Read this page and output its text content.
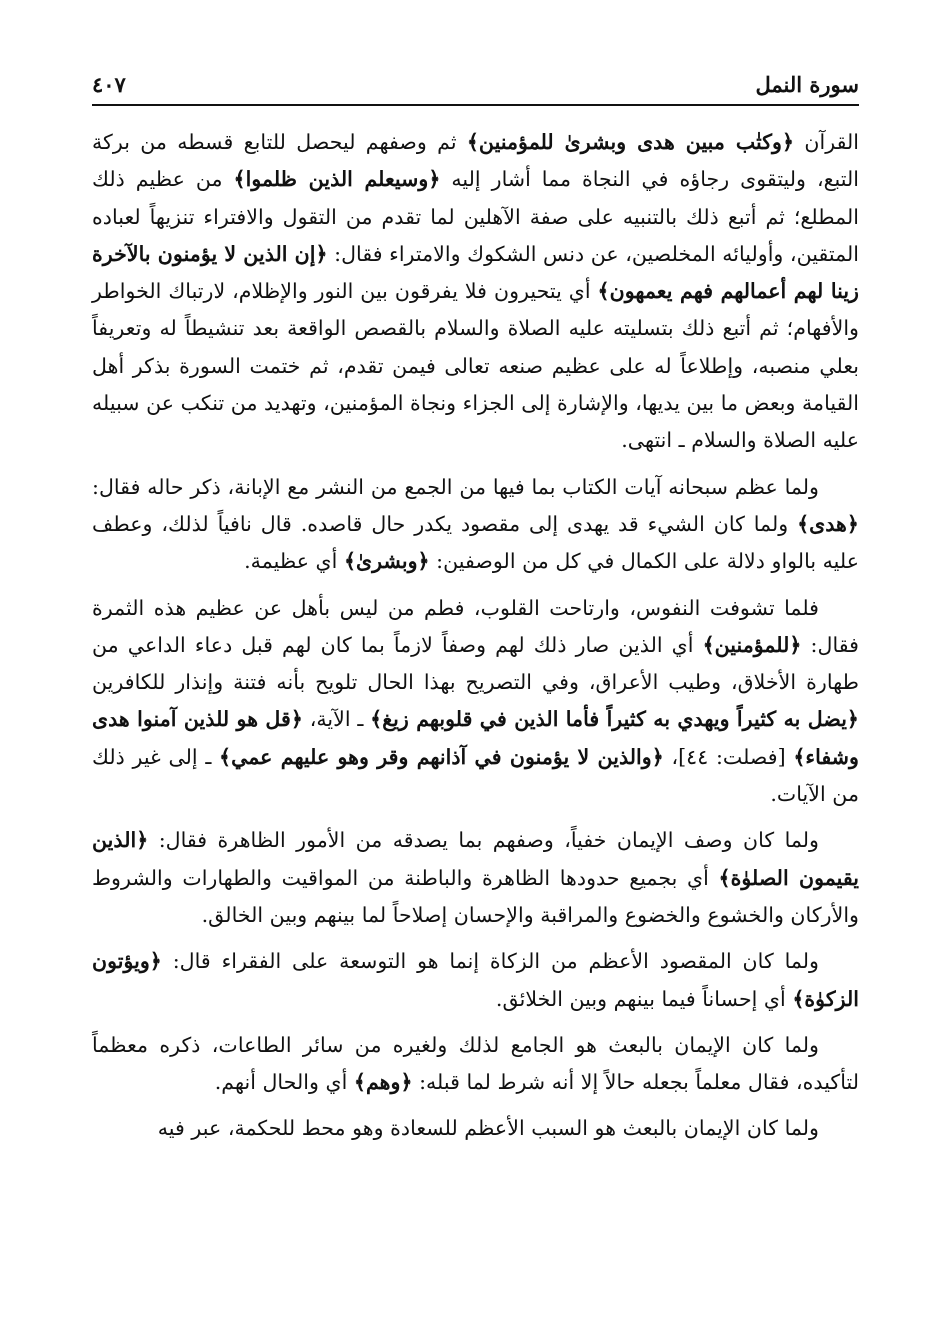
سورة النمل
٤٠٧

القرآن ﴿وكتٰب مبين هدى وبشرىٰ للمؤمنين﴾ ثم وصفهم ليحصل للتابع قسطه من بركة التبع، وليتقوى رجاؤه في النجاة مما أشار إليه ﴿وسيعلم الذين ظلموا﴾ من عظيم ذلك المطلع؛ ثم أتبع ذلك بالتنبيه على صفة الآهلين لما تقدم من التقول والافتراء تنزيهاً لعباده المتقين، وأوليائه المخلصين، عن دنس الشكوك والامتراء فقال: ﴿إن الذين لا يؤمنون بالآخرة زينا لهم أعمالهم فهم يعمهون﴾ أي يتحيرون فلا يفرقون بين النور والإظلام، لارتباك الخواطر والأفهام؛ ثم أتبع ذلك بتسليته عليه الصلاة والسلام بالقصص الواقعة بعد تنشيطاً له وتعريفاً بعلي منصبه، وإطلاعاً له على عظيم صنعه تعالى فيمن تقدم، ثم ختمت السورة بذكر أهل القيامة وبعض ما بين يديها، والإشارة إلى الجزاء ونجاة المؤمنين، وتهديد من تنكب عن سبيله عليه الصلاة والسلام ـ انتهى.

ولما عظم سبحانه آيات الكتاب بما فيها من الجمع من النشر مع الإبانة، ذكر حاله فقال: ﴿هدى﴾ ولما كان الشيء قد يهدى إلى مقصود يكدر حال قاصده. قال نافياً لذلك، وعطف عليه بالواو دلالة على الكمال في كل من الوصفين: ﴿وبشرىٰ﴾ أي عظيمة.

فلما تشوفت النفوس، وارتاحت القلوب، فطم من ليس بأهل عن عظيم هذه الثمرة فقال: ﴿للمؤمنين﴾ أي الذين صار ذلك لهم وصفاً لازماً بما كان لهم قبل دعاء الداعي من طهارة الأخلاق، وطيب الأعراق، وفي التصريح بهذا الحال تلويح بأنه فتنة وإنذار للكافرين ﴿يضل به كثيراً ويهدي به كثيراً فأما الذين في قلوبهم زيغ﴾ ـ الآية، ﴿قل هو للذين آمنوا هدى وشفاء﴾ [فصلت: ٤٤]، ﴿والذين لا يؤمنون في آذانهم وقر وهو عليهم عمي﴾ ـ إلى غير ذلك من الآيات.

ولما كان وصف الإيمان خفياً، وصفهم بما يصدقه من الأمور الظاهرة فقال: ﴿الذين يقيمون الصلوٰة﴾ أي بجميع حدودها الظاهرة والباطنة من المواقيت والطهارات والشروط والأركان والخشوع والخضوع والمراقبة والإحسان إصلاحاً لما بينهم وبين الخالق.

ولما كان المقصود الأعظم من الزكاة إنما هو التوسعة على الفقراء قال: ﴿ويؤتون الزكوٰة﴾ أي إحساناً فيما بينهم وبين الخلائق.

ولما كان الإيمان بالبعث هو الجامع لذلك ولغيره من سائر الطاعات، ذكره معظماً لتأكيده، فقال معلماً بجعله حالاً إلا أنه شرط لما قبله: ﴿وهم﴾ أي والحال أنهم.

ولما كان الإيمان بالبعث هو السبب الأعظم للسعادة وهو محط للحكمة، عبر فيه
